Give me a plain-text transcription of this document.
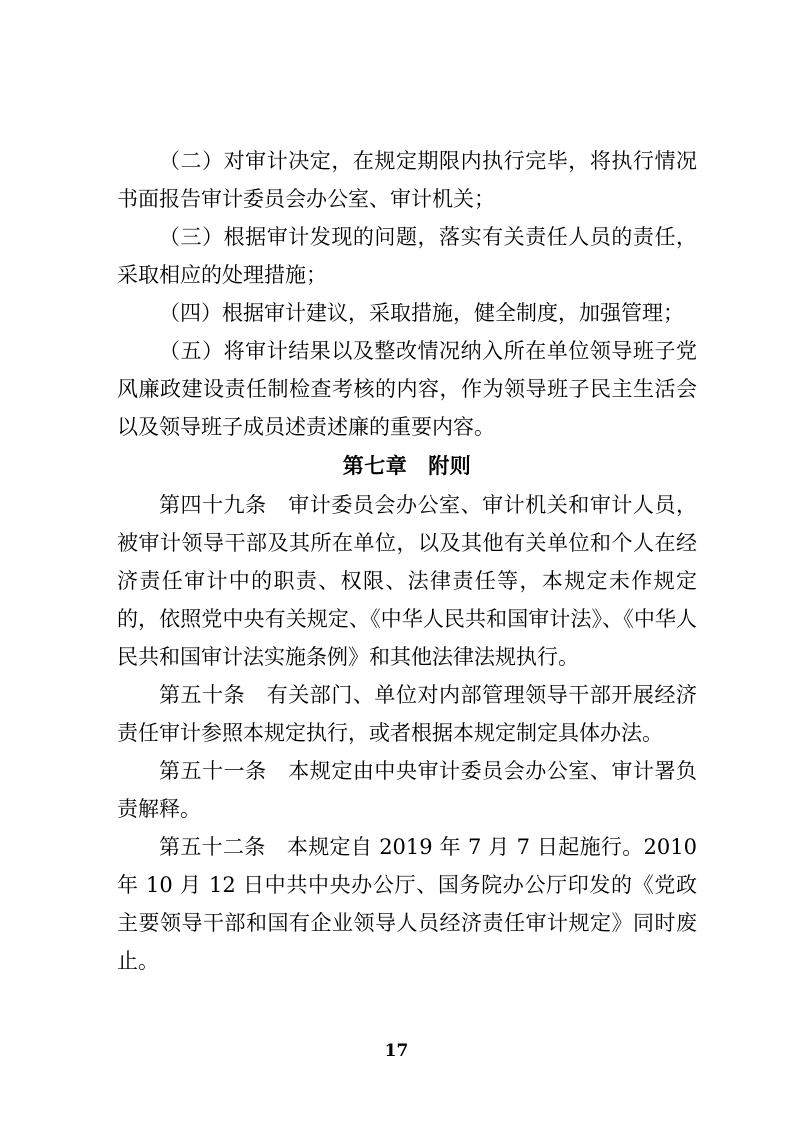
（二）对审计决定，在规定期限内执行完毕，将执行情况书面报告审计委员会办公室、审计机关；

（三）根据审计发现的问题，落实有关责任人员的责任，采取相应的处理措施；

（四）根据审计建议，采取措施，健全制度，加强管理；

（五）将审计结果以及整改情况纳入所在单位领导班子党风廉政建设责任制检查考核的内容，作为领导班子民主生活会以及领导班子成员述责述廉的重要内容。

第七章 附则

第四十九条　 审计委员会办公室、审计机关和审计人员，被审计领导干部及其所在单位，以及其他有关单位和个人在经济责任审计中的职责、权限、法律责任等，本规定未作规定的，依照党中央有关规定、《中华人民共和国审计法》、《中华人民共和国审计法实施条例》和其他法律法规执行。

第五十条　 有关部门、单位对内部管理领导干部开展经济责任审计参照本规定执行，或者根据本规定制定具体办法。

第五十一条　 本规定由中央审计委员会办公室、审计署负责解释。

第五十二条　 本规定自 2019 年 7 月 7 日起施行。2010 年 10 月 12 日中共中央办公厅、国务院办公厅印发的《党政主要领导干部和国有企业领导人员经济责任审计规定》同时废止。

17
